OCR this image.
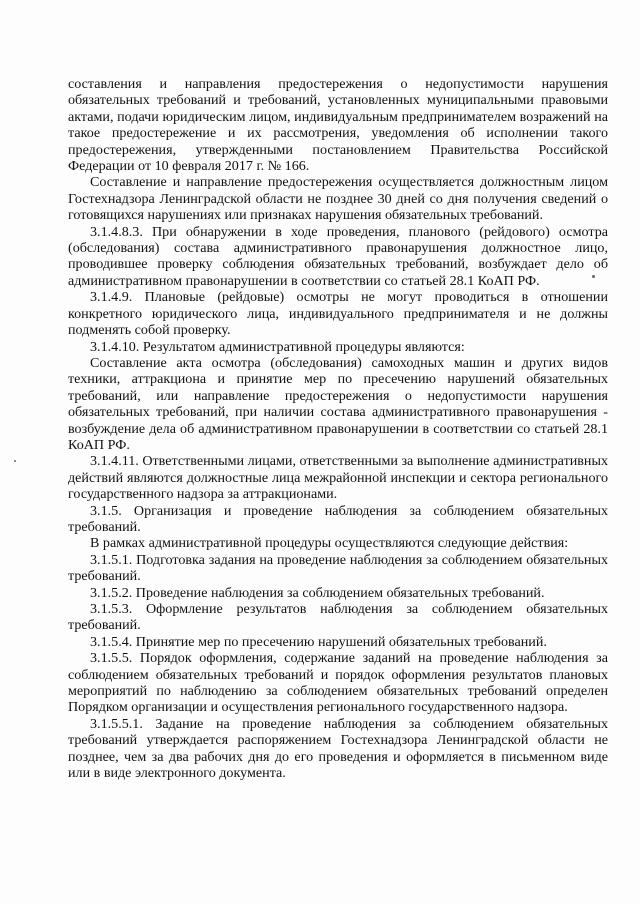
составления и направления предостережения о недопустимости нарушения обязательных требований и требований, установленных муниципальными правовыми актами, подачи юридическим лицом, индивидуальным предпринимателем возражений на такое предостережение и их рассмотрения, уведомления об исполнении такого предостережения, утвержденными постановлением Правительства Российской Федерации от 10 февраля 2017 г. № 166.

Составление и направление предостережения осуществляется должностным лицом Гостехнадзора Ленинградской области не позднее 30 дней со дня получения сведений о готовящихся нарушениях или признаках нарушения обязательных требований.

3.1.4.8.3. При обнаружении в ходе проведения, планового (рейдового) осмотра (обследования) состава административного правонарушения должностное лицо, проводившее проверку соблюдения обязательных требований, возбуждает дело об административном правонарушении в соответствии со статьей 28.1 КоАП РФ.

3.1.4.9. Плановые (рейдовые) осмотры не могут проводиться в отношении конкретного юридического лица, индивидуального предпринимателя и не должны подменять собой проверку.

3.1.4.10. Результатом административной процедуры являются:

Составление акта осмотра (обследования) самоходных машин и других видов техники, аттракциона и принятие мер по пресечению нарушений обязательных требований, или направление предостережения о недопустимости нарушения обязательных требований, при наличии состава административного правонарушения - возбуждение дела об административном правонарушении в соответствии со статьей 28.1 КоАП РФ.

3.1.4.11. Ответственными лицами, ответственными за выполнение административных действий являются должностные лица межрайонной инспекции и сектора регионального государственного надзора за аттракционами.

3.1.5. Организация и проведение наблюдения за соблюдением обязательных требований.

В рамках административной процедуры осуществляются следующие действия:

3.1.5.1. Подготовка задания на проведение наблюдения за соблюдением обязательных требований.

3.1.5.2. Проведение наблюдения за соблюдением обязательных требований.

3.1.5.3. Оформление результатов наблюдения за соблюдением обязательных требований.

3.1.5.4. Принятие мер по пресечению нарушений обязательных требований.

3.1.5.5. Порядок оформления, содержание заданий на проведение наблюдения за соблюдением обязательных требований и порядок оформления результатов плановых мероприятий по наблюдению за соблюдением обязательных требований определен Порядком организации и осуществления регионального государственного надзора.

3.1.5.5.1. Задание на проведение наблюдения за соблюдением обязательных требований утверждается распоряжением Гостехнадзора Ленинградской области не позднее, чем за два рабочих дня до его проведения и оформляется в письменном виде или в виде электронного документа.
